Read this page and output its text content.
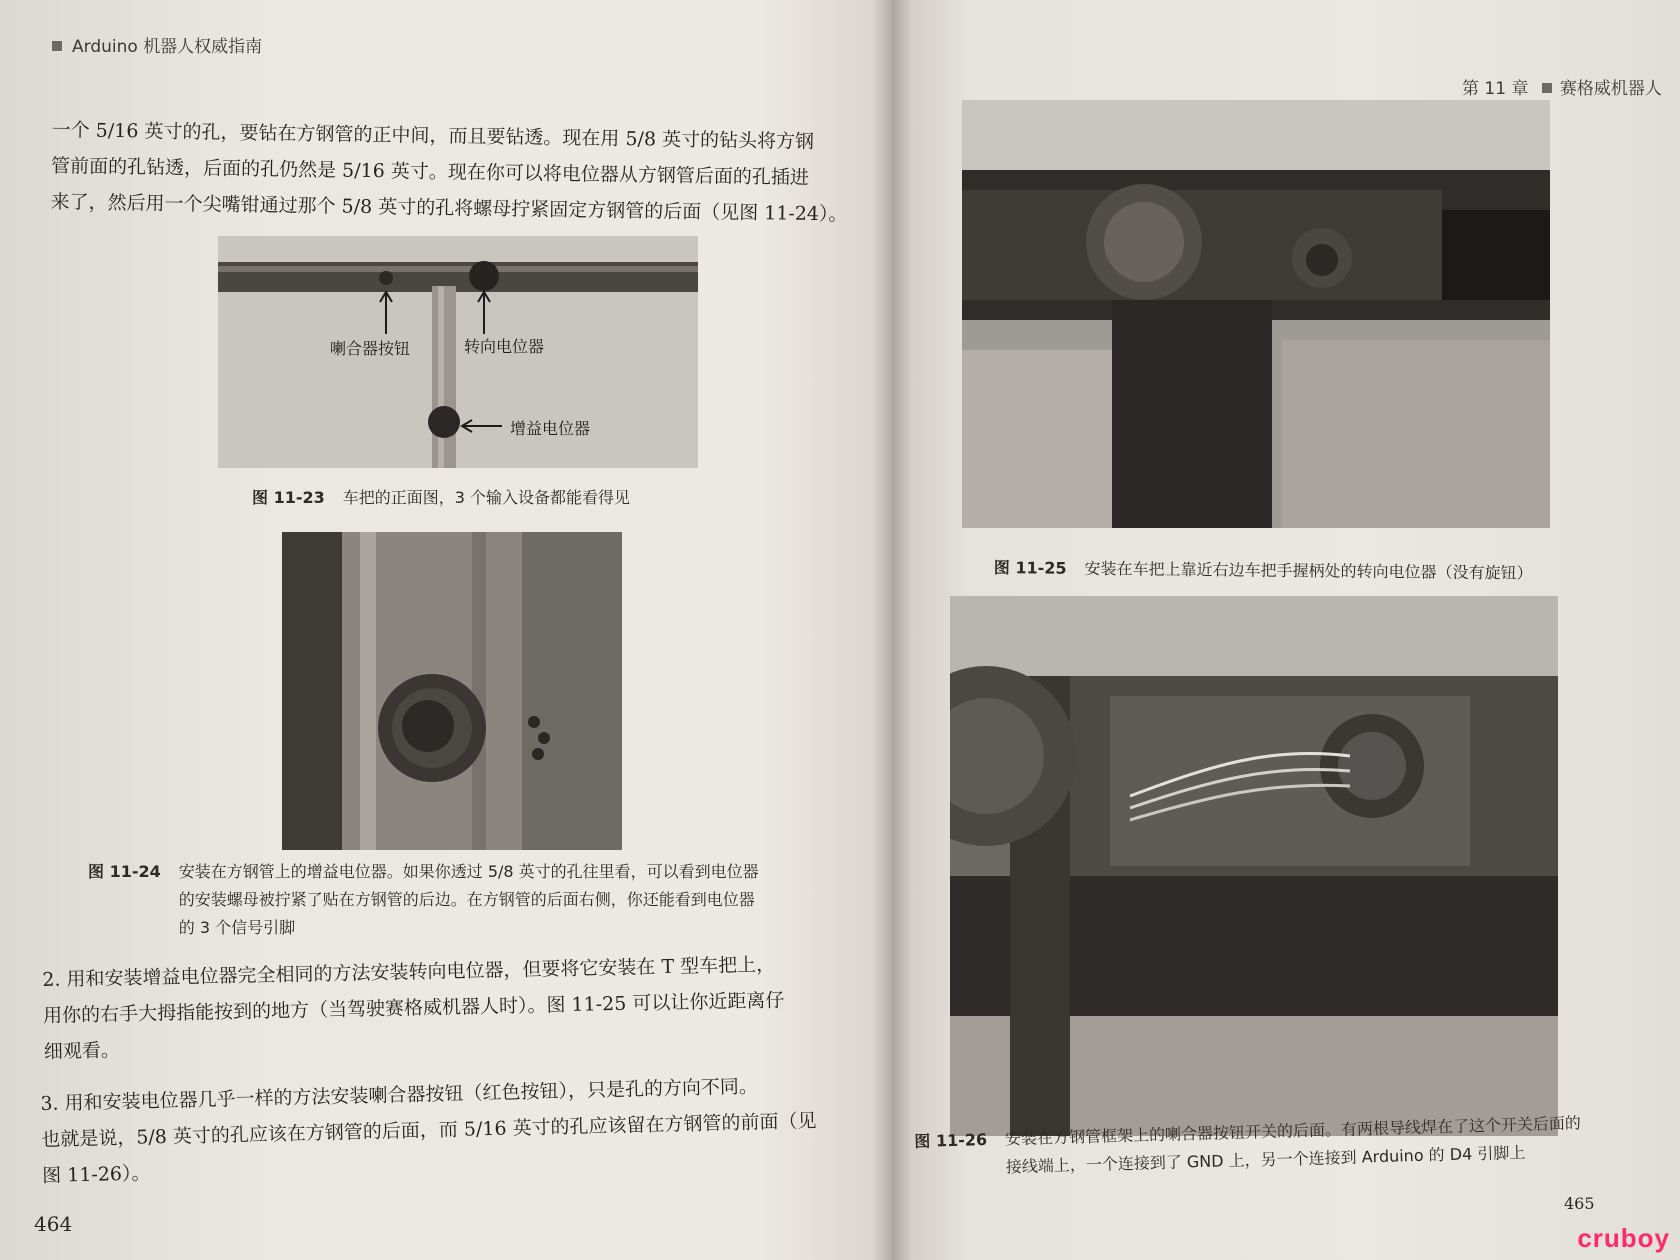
Arduino 机器人权威指南
一个 5/16 英寸的孔，要钻在方钢管的正中间，而且要钻透。现在用 5/8 英寸的钻头将方钢
管前面的孔钻透，后面的孔仍然是 5/16 英寸。现在你可以将电位器从方钢管后面的孔插进
来了，然后用一个尖嘴钳通过那个 5/8 英寸的孔将螺母拧紧固定方钢管的后面（见图 11-24）。
喇合器按钮	转向电位器
增益电位器
图 11-23 车把的正面图，3 个输入设备都能看得见
图 11-24 安装在方钢管上的增益电位器。如果你透过 5/8 英寸的孔往里看，可以看到电位器
的安装螺母被拧紧了贴在方钢管的后边。在方钢管的后面右侧，你还能看到电位器
的 3 个信号引脚
2. 用和安装增益电位器完全相同的方法安装转向电位器，但要将它安装在 T 型车把上，
用你的右手大拇指能按到的地方（当驾驶赛格威机器人时）。图 11-25 可以让你近距离仔
细观看。
3. 用和安装电位器几乎一样的方法安装喇合器按钮（红色按钮），只是孔的方向不同。
也就是说，5/8 英寸的孔应该在方钢管的后面，而 5/16 英寸的孔应该留在方钢管的前面（见
图 11-26）。
464
第 11 章 赛格威机器人
图 11-25 安装在车把上靠近右边车把手握柄处的转向电位器（没有旋钮）
图 11-26 安装在方钢管框架上的喇合器按钮开关的后面。有两根导线焊在了这个开关后面的
接线端上，一个连接到了 GND 上，另一个连接到 Arduino 的 D4 引脚上
465
cruboy
